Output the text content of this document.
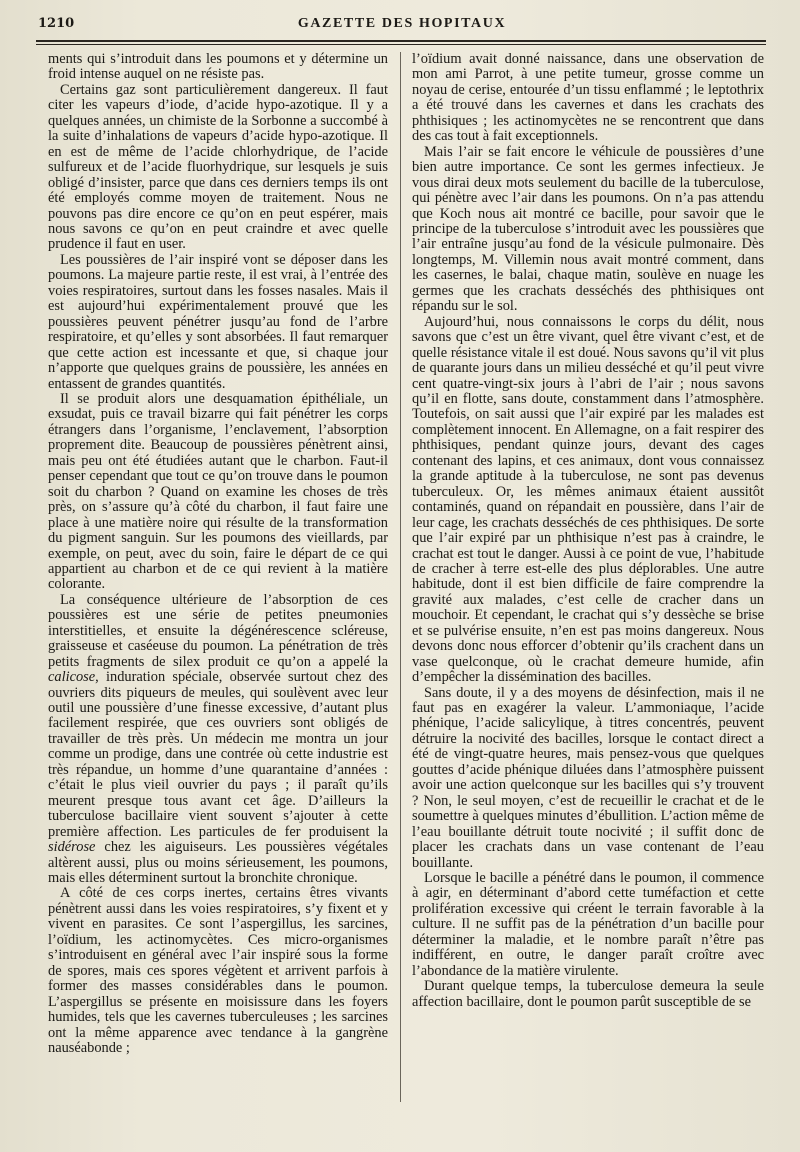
1210	GAZETTE DES HOPITAUX

ments qui s’introduit dans les poumons et y détermine un froid intense auquel on ne résiste pas.

Certains gaz sont particulièrement dangereux. Il faut citer les vapeurs d’iode, d’acide hypo-azotique. Il y a quelques années, un chimiste de la Sorbonne a succombé à la suite d’inhalations de vapeurs d’acide hypo-azotique. Il en est de même de l’acide chlorhydrique, de l’acide sulfureux et de l’acide fluorhydrique, sur lesquels je suis obligé d’insister, parce que dans ces derniers temps ils ont été employés comme moyen de traitement. Nous ne pouvons pas dire encore ce qu’on en peut espérer, mais nous savons ce qu’on en peut craindre et avec quelle prudence il faut en user.

Les poussières de l’air inspiré vont se déposer dans les poumons. La majeure partie reste, il est vrai, à l’entrée des voies respiratoires, surtout dans les fosses nasales. Mais il est aujourd’hui expérimentalement prouvé que les poussières peuvent pénétrer jusqu’au fond de l’arbre respiratoire, et qu’elles y sont absorbées. Il faut remarquer que cette action est incessante et que, si chaque jour n’apporte que quelques grains de poussière, les années en entassent de grandes quantités.

Il se produit alors une desquamation épithéliale, un exsudat, puis ce travail bizarre qui fait pénétrer les corps étrangers dans l’organisme, l’enclavement, l’absorption proprement dite. Beaucoup de poussières pénètrent ainsi, mais peu ont été étudiées autant que le charbon. Faut-il penser cependant que tout ce qu’on trouve dans le poumon soit du charbon ? Quand on examine les choses de très près, on s’assure qu’à côté du charbon, il faut faire une place à une matière noire qui résulte de la transformation du pigment sanguin. Sur les poumons des vieillards, par exemple, on peut, avec du soin, faire le départ de ce qui appartient au charbon et de ce qui revient à la matière colorante.

La conséquence ultérieure de l’absorption de ces poussières est une série de petites pneumonies interstitielles, et ensuite la dégénérescence scléreuse, graisseuse et caséeuse du poumon. La pénétration de très petits fragments de silex produit ce qu’on a appelé la calicose, induration spéciale, observée surtout chez des ouvriers dits piqueurs de meules, qui soulèvent avec leur outil une poussière d’une finesse excessive, d’autant plus facilement respirée, que ces ouvriers sont obligés de travailler de très près. Un médecin me montra un jour comme un prodige, dans une contrée où cette industrie est très répandue, un homme d’une quarantaine d’années : c’était le plus vieil ouvrier du pays ; il paraît qu’ils meurent presque tous avant cet âge. D’ailleurs la tuberculose bacillaire vient souvent s’ajouter à cette première affection. Les particules de fer produisent la sidérose chez les aiguiseurs. Les poussières végétales altèrent aussi, plus ou moins sérieusement, les poumons, mais elles déterminent surtout la bronchite chronique.

A côté de ces corps inertes, certains êtres vivants pénètrent aussi dans les voies respiratoires, s’y fixent et y vivent en parasites. Ce sont l’aspergillus, les sarcines, l’oïdium, les actinomycètes. Ces micro-organismes s’introduisent en général avec l’air inspiré sous la forme de spores, mais ces spores végètent et arrivent parfois à former des masses considérables dans le poumon. L’aspergillus se présente en moisissure dans les foyers humides, tels que les cavernes tuberculeuses ; les sarcines ont la même apparence avec tendance à la gangrène nauséabonde ;

l’oïdium avait donné naissance, dans une observation de mon ami Parrot, à une petite tumeur, grosse comme un noyau de cerise, entourée d’un tissu enflammé ; le leptothrix a été trouvé dans les cavernes et dans les crachats des phthisiques ; les actinomycètes ne se rencontrent que dans des cas tout à fait exceptionnels.

Mais l’air se fait encore le véhicule de poussières d’une bien autre importance. Ce sont les germes infectieux. Je vous dirai deux mots seulement du bacille de la tuberculose, qui pénètre avec l’air dans les poumons. On n’a pas attendu que Koch nous ait montré ce bacille, pour savoir que le principe de la tuberculose s’introduit avec les poussières que l’air entraîne jusqu’au fond de la vésicule pulmonaire. Dès longtemps, M. Villemin nous avait montré comment, dans les casernes, le balai, chaque matin, soulève en nuage les germes que les crachats desséchés des phthisiques ont répandu sur le sol.

Aujourd’hui, nous connaissons le corps du délit, nous savons que c’est un être vivant, quel être vivant c’est, et de quelle résistance vitale il est doué. Nous savons qu’il vit plus de quarante jours dans un milieu desséché et qu’il peut vivre cent quatre-vingt-six jours à l’abri de l’air ; nous savons qu’il en flotte, sans doute, constamment dans l’atmosphère. Toutefois, on sait aussi que l’air expiré par les malades est complètement innocent. En Allemagne, on a fait respirer des phthisiques, pendant quinze jours, devant des cages contenant des lapins, et ces animaux, dont vous connaissez la grande aptitude à la tuberculose, ne sont pas devenus tuberculeux. Or, les mêmes animaux étaient aussitôt contaminés, quand on répandait en poussière, dans l’air de leur cage, les crachats desséchés de ces phthisiques. De sorte que l’air expiré par un phthisique n’est pas à craindre, le crachat est tout le danger. Aussi à ce point de vue, l’habitude de cracher à terre est-elle des plus déplorables. Une autre habitude, dont il est bien difficile de faire comprendre la gravité aux malades, c’est celle de cracher dans un mouchoir. Et cependant, le crachat qui s’y dessèche se brise et se pulvérise ensuite, n’en est pas moins dangereux. Nous devons donc nous efforcer d’obtenir qu’ils crachent dans un vase quelconque, où le crachat demeure humide, afin d’empêcher la dissémination des bacilles.

Sans doute, il y a des moyens de désinfection, mais il ne faut pas en exagérer la valeur. L’ammoniaque, l’acide phénique, l’acide salicylique, à titres concentrés, peuvent détruire la nocivité des bacilles, lorsque le contact direct a été de vingt-quatre heures, mais pensez-vous que quelques gouttes d’acide phénique diluées dans l’atmosphère puissent avoir une action quelconque sur les bacilles qui s’y trouvent ? Non, le seul moyen, c’est de recueillir le crachat et de le soumettre à quelques minutes d’ébullition. L’action même de l’eau bouillante détruit toute nocivité ; il suffit donc de placer les crachats dans un vase contenant de l’eau bouillante.

Lorsque le bacille a pénétré dans le poumon, il commence à agir, en déterminant d’abord cette tuméfaction et cette prolifération excessive qui créent le terrain favorable à la culture. Il ne suffit pas de la pénétration d’un bacille pour déterminer la maladie, et le nombre paraît n’être pas indifférent, en outre, le danger paraît croître avec l’abondance de la matière virulente.

Durant quelque temps, la tuberculose demeura la seule affection bacillaire, dont le poumon parût susceptible de se
